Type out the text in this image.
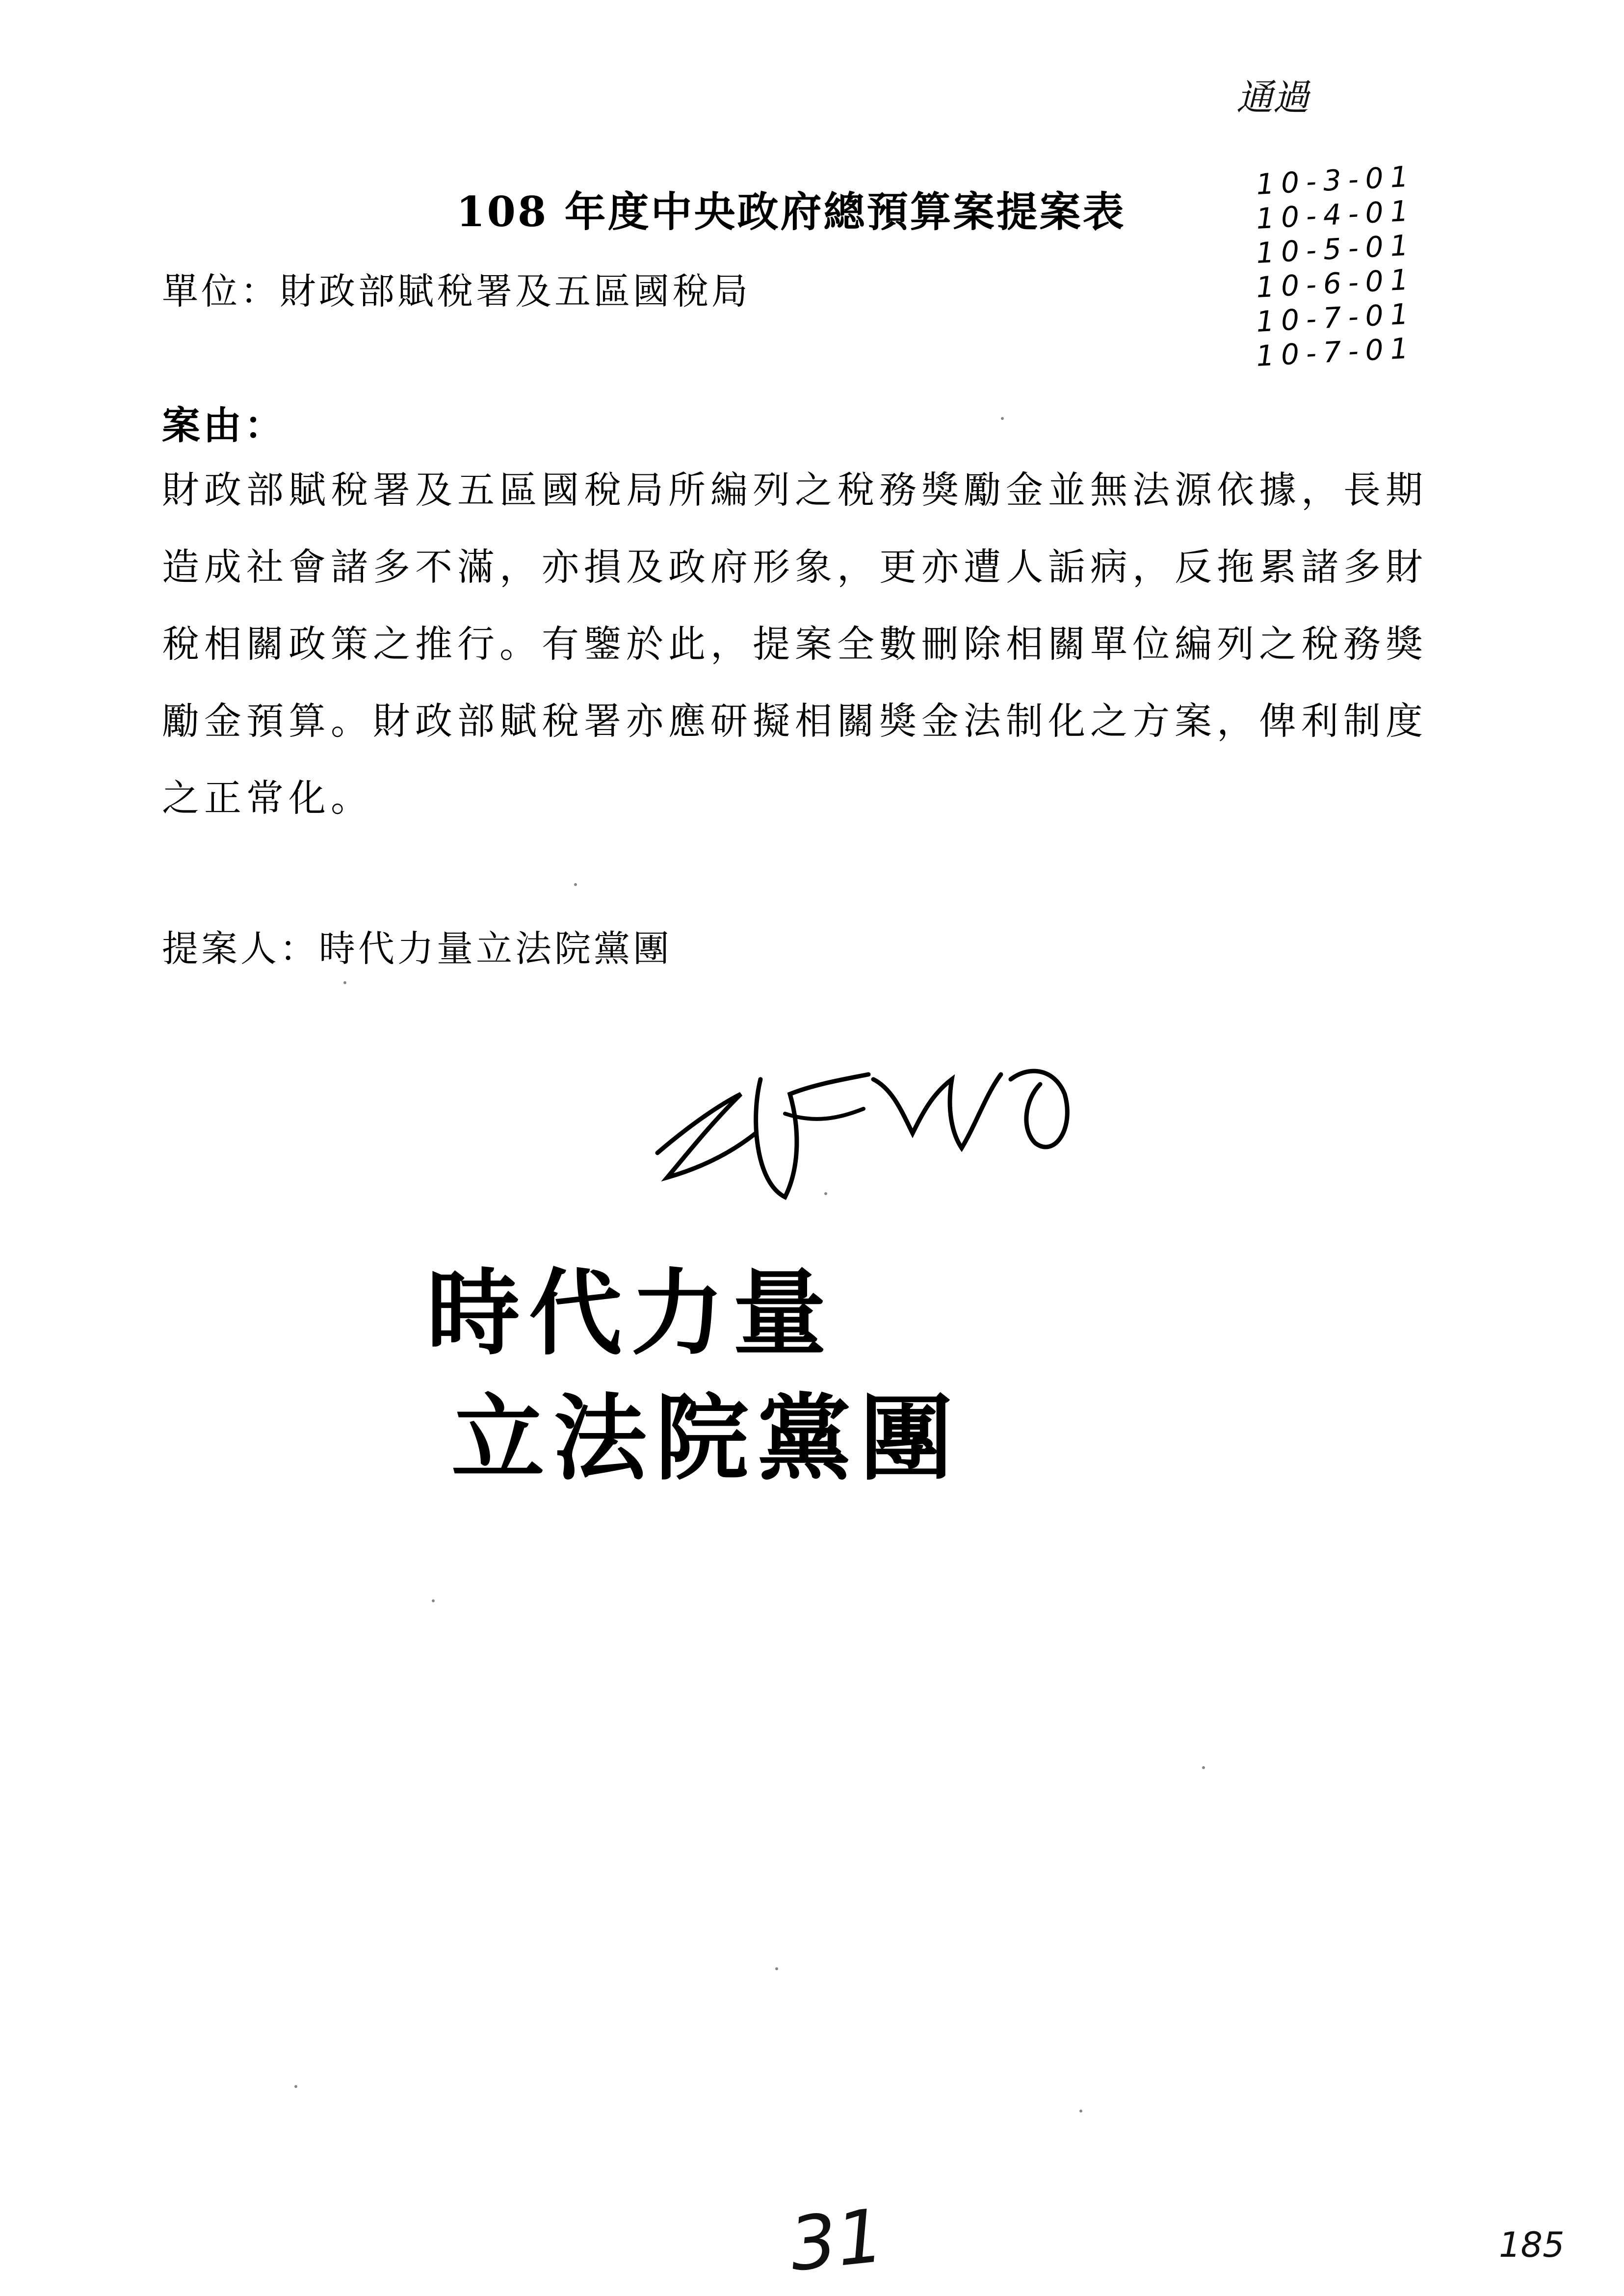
通過
108 年度中央政府總預算案提案表
10-3-01
10-4-01
10-5-01
10-6-01
10-7-01
10-7-01
單位：財政部賦稅署及五區國稅局
案由：
財政部賦稅署及五區國稅局所編列之稅務獎勵金並無法源依據，長期
造成社會諸多不滿，亦損及政府形象，更亦遭人詬病，反拖累諸多財
稅相關政策之推行。有鑒於此，提案全數刪除相關單位編列之稅務獎
勵金預算。財政部賦稅署亦應研擬相關獎金法制化之方案，俾利制度
之正常化。
提案人：時代力量立法院黨團
時代力量
立法院黨團
31	185
